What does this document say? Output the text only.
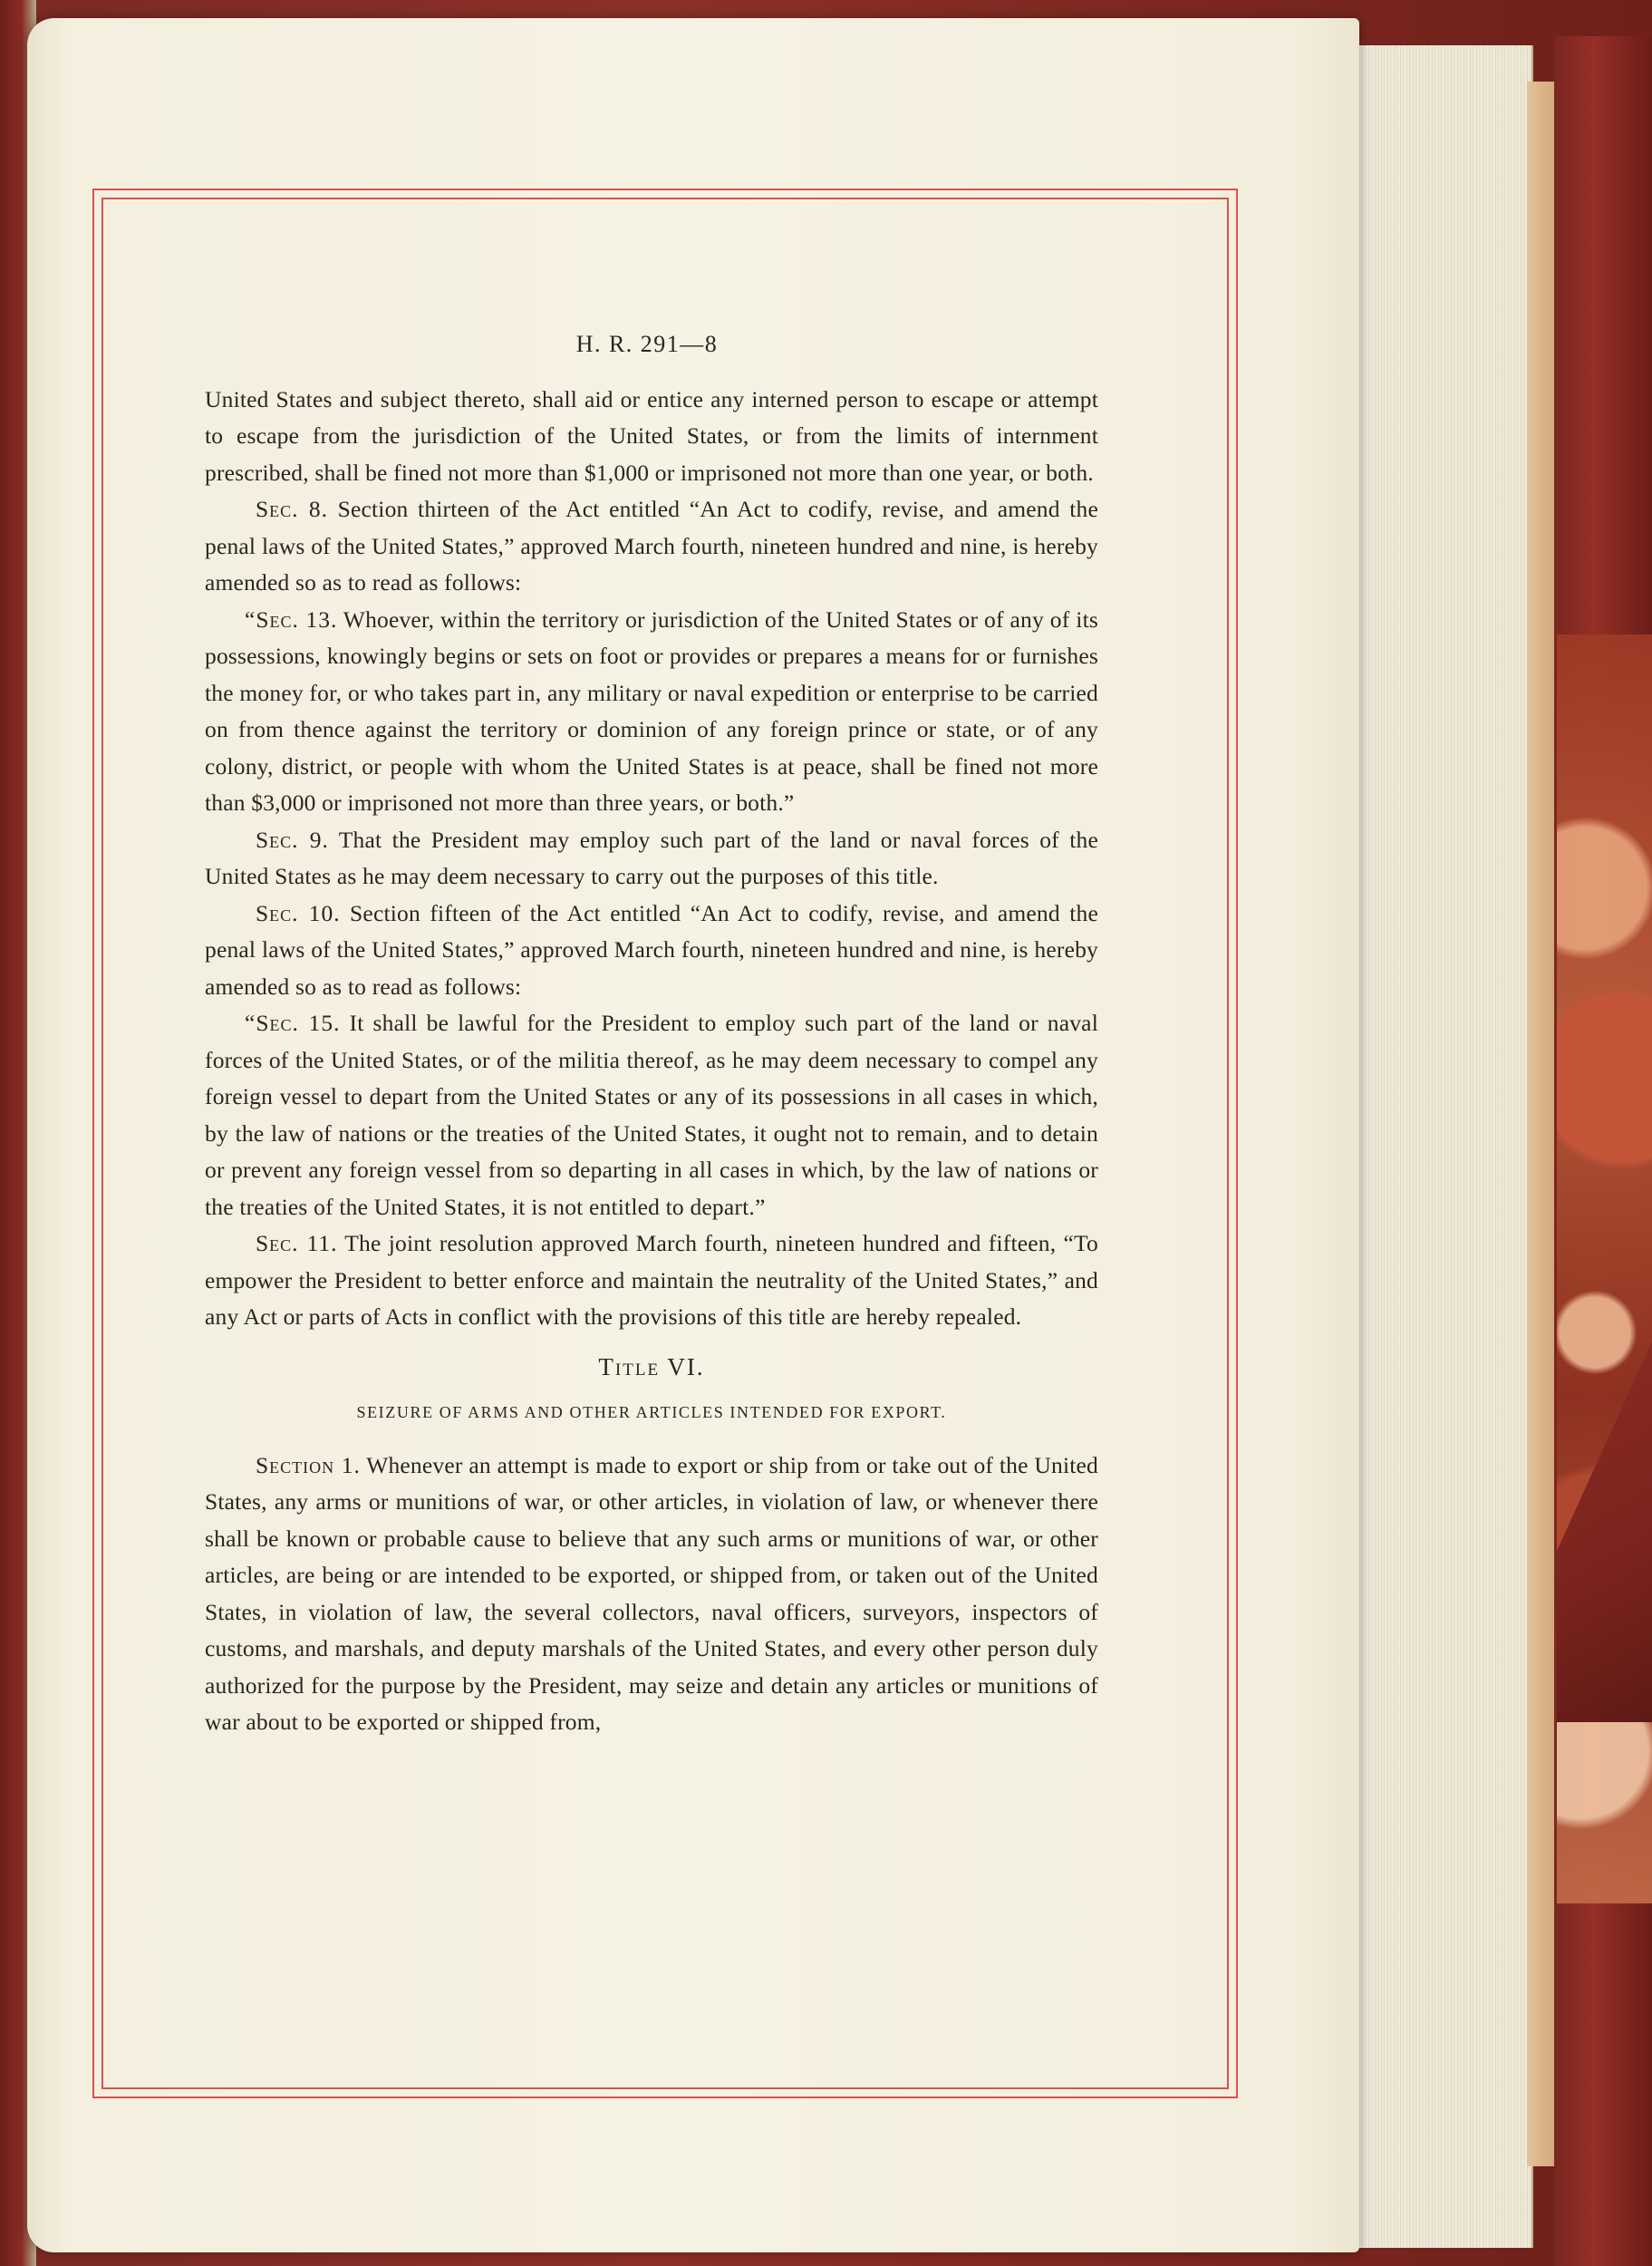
H. R. 291—8

United States and subject thereto, shall aid or entice any interned person to escape or attempt to escape from the jurisdiction of the United States, or from the limits of internment prescribed, shall be fined not more than $1,000 or imprisoned not more than one year, or both.

Sec. 8. Section thirteen of the Act entitled “An Act to codify, revise, and amend the penal laws of the United States,” approved March fourth, nineteen hundred and nine, is hereby amended so as to read as follows:

“Sec. 13. Whoever, within the territory or jurisdiction of the United States or of any of its possessions, knowingly begins or sets on foot or provides or prepares a means for or furnishes the money for, or who takes part in, any military or naval expedition or enterprise to be carried on from thence against the territory or dominion of any foreign prince or state, or of any colony, district, or people with whom the United States is at peace, shall be fined not more than $3,000 or imprisoned not more than three years, or both.”

Sec. 9. That the President may employ such part of the land or naval forces of the United States as he may deem necessary to carry out the purposes of this title.

Sec. 10. Section fifteen of the Act entitled “An Act to codify, revise, and amend the penal laws of the United States,” approved March fourth, nineteen hundred and nine, is hereby amended so as to read as follows:

“Sec. 15. It shall be lawful for the President to employ such part of the land or naval forces of the United States, or of the militia thereof, as he may deem necessary to compel any foreign vessel to depart from the United States or any of its possessions in all cases in which, by the law of nations or the treaties of the United States, it ought not to remain, and to detain or prevent any foreign vessel from so departing in all cases in which, by the law of nations or the treaties of the United States, it is not entitled to depart.”

Sec. 11. The joint resolution approved March fourth, nineteen hundred and fifteen, “To empower the President to better enforce and maintain the neutrality of the United States,” and any Act or parts of Acts in conflict with the provisions of this title are hereby repealed.

Title VI.
SEIZURE OF ARMS AND OTHER ARTICLES INTENDED FOR EXPORT.

Section 1. Whenever an attempt is made to export or ship from or take out of the United States, any arms or munitions of war, or other articles, in violation of law, or whenever there shall be known or probable cause to believe that any such arms or munitions of war, or other articles, are being or are intended to be exported, or shipped from, or taken out of the United States, in violation of law, the several collectors, naval officers, surveyors, inspectors of customs, and marshals, and deputy marshals of the United States, and every other person duly authorized for the purpose by the President, may seize and detain any articles or munitions of war about to be exported or shipped from,
